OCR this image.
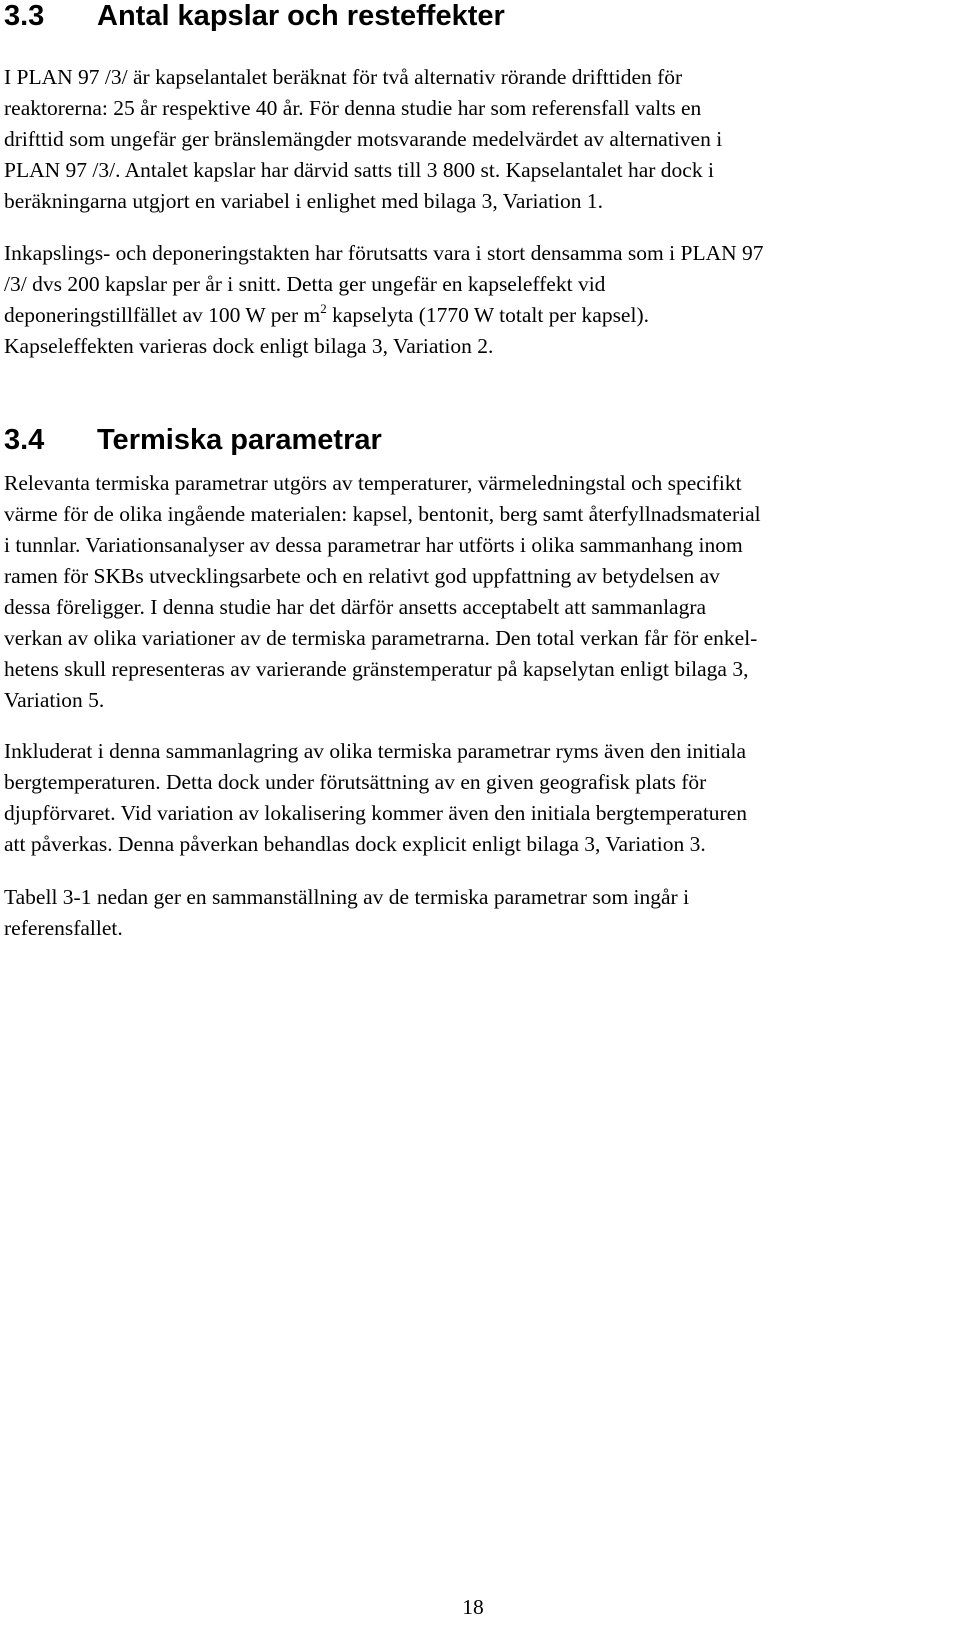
3.3	Antal kapslar och resteffekter

I PLAN 97 /3/ är kapselantalet beräknat för två alternativ rörande drifttiden för
reaktorerna: 25 år respektive 40 år. För denna studie har som referensfall valts en
drifttid som ungefär ger bränslemängder motsvarande medelvärdet av alternativen i
PLAN 97 /3/. Antalet kapslar har därvid satts till 3 800 st. Kapselantalet har dock i
beräkningarna utgjort en variabel i enlighet med bilaga 3, Variation 1.

Inkapslings- och deponeringstakten har förutsatts vara i stort densamma som i PLAN 97
/3/ dvs 200 kapslar per år i snitt. Detta ger ungefär en kapseleffekt vid
deponeringstillfället av 100 W per $m^2$ kapselyta (1770 W totalt per kapsel).
Kapseleffekten varieras dock enligt bilaga 3, Variation 2.

3.4	Termiska parametrar

Relevanta termiska parametrar utgörs av temperaturer, värmeledningstal och specifikt
värme för de olika ingående materialen: kapsel, bentonit, berg samt återfyllnadsmaterial
i tunnlar. Variationsanalyser av dessa parametrar har utförts i olika sammanhang inom
ramen för SKBs utvecklingsarbete och en relativt god uppfattning av betydelsen av
dessa föreligger. I denna studie har det därför ansetts acceptabelt att sammanlagra
verkan av olika variationer av de termiska parametrarna. Den total verkan får för enkel-
hetens skull representeras av varierande gränstemperatur på kapselytan enligt bilaga 3,
Variation 5.

Inkluderat i denna sammanlagring av olika termiska parametrar ryms även den initiala
bergtemperaturen. Detta dock under förutsättning av en given geografisk plats för
djupförvaret. Vid variation av lokalisering kommer även den initiala bergtemperaturen
att påverkas. Denna påverkan behandlas dock explicit enligt bilaga 3, Variation 3.

Tabell 3-1 nedan ger en sammanställning av de termiska parametrar som ingår i
referensfallet.

18
